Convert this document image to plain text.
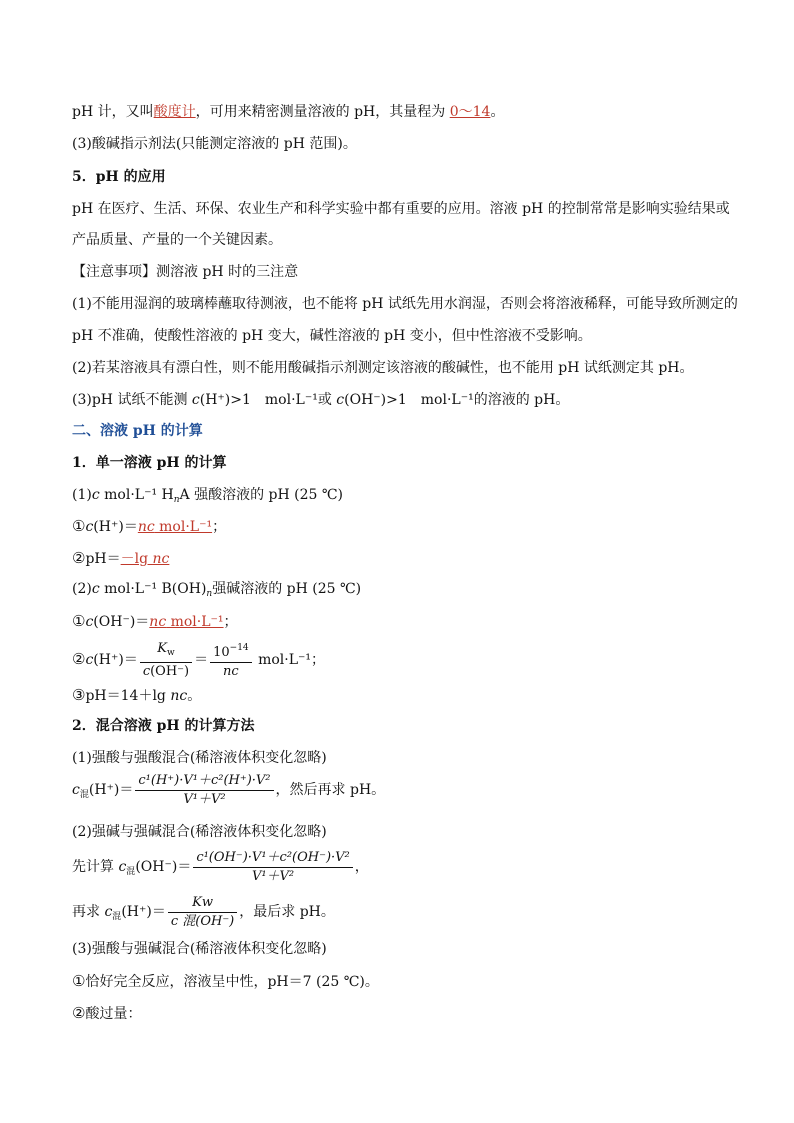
pH 计，又叫酸度计，可用来精密测量溶液的 pH，其量程为 0～14。
(3)酸碱指示剂法(只能测定溶液的 pH 范围)。
5．pH 的应用
pH 在医疗、生活、环保、农业生产和科学实验中都有重要的应用。溶液 pH 的控制常常是影响实验结果或
产品质量、产量的一个关键因素。
【注意事项】测溶液 pH 时的三注意
(1)不能用湿润的玻璃棒蘸取待测液，也不能将 pH 试纸先用水润湿，否则会将溶液稀释，可能导致所测定的
pH 不准确，使酸性溶液的 pH 变大，碱性溶液的 pH 变小，但中性溶液不受影响。
(2)若某溶液具有漂白性，则不能用酸碱指示剂测定该溶液的酸碱性，也不能用 pH 试纸测定其 pH。
(3)pH 试纸不能测 c(H⁺)>1　mol·L⁻¹或 c(OH⁻)>1　mol·L⁻¹的溶液的 pH。
二、溶液 pH 的计算
1．单一溶液 pH 的计算
(1)c mol·L⁻¹ $H_nA$ 强酸溶液的 pH (25 ℃)
①c(H⁺)＝nc mol·L⁻¹；
②pH＝－lg nc
(2)c mol·L⁻¹ $B(OH)_n$强碱溶液的 pH (25 ℃)
①c(OH⁻)＝nc mol·L⁻¹；
②c(H⁺)＝ $\frac{K_w}{c(OH^-)} = \frac{10^{-14}}{nc} mol\cdot L^{-1}$；
③pH＝14＋lg nc。
2．混合溶液 pH 的计算方法
(1)强酸与强酸混合(稀溶液体积变化忽略)
$c_混(H^+)= \frac{\text{c¹(H⁺)·V¹＋c²(H⁺)·V²}}{\text{V¹＋V²}}$ ，然后再求 pH。
(2)强碱与强碱混合(稀溶液体积变化忽略)
先计算 $c_混(OH^-)= \frac{\text{c¹(OH⁻)·V¹＋c²(OH⁻)·V²}}{\text{V¹＋V²}}$ ，
再求 $c_混(H^+)= \frac{Kw}{\text{c 混(OH⁻)}}$ ，最后求 pH。
(3)强酸与强碱混合(稀溶液体积变化忽略)
①恰好完全反应，溶液呈中性，pH＝7 (25 ℃)。
②酸过量：
